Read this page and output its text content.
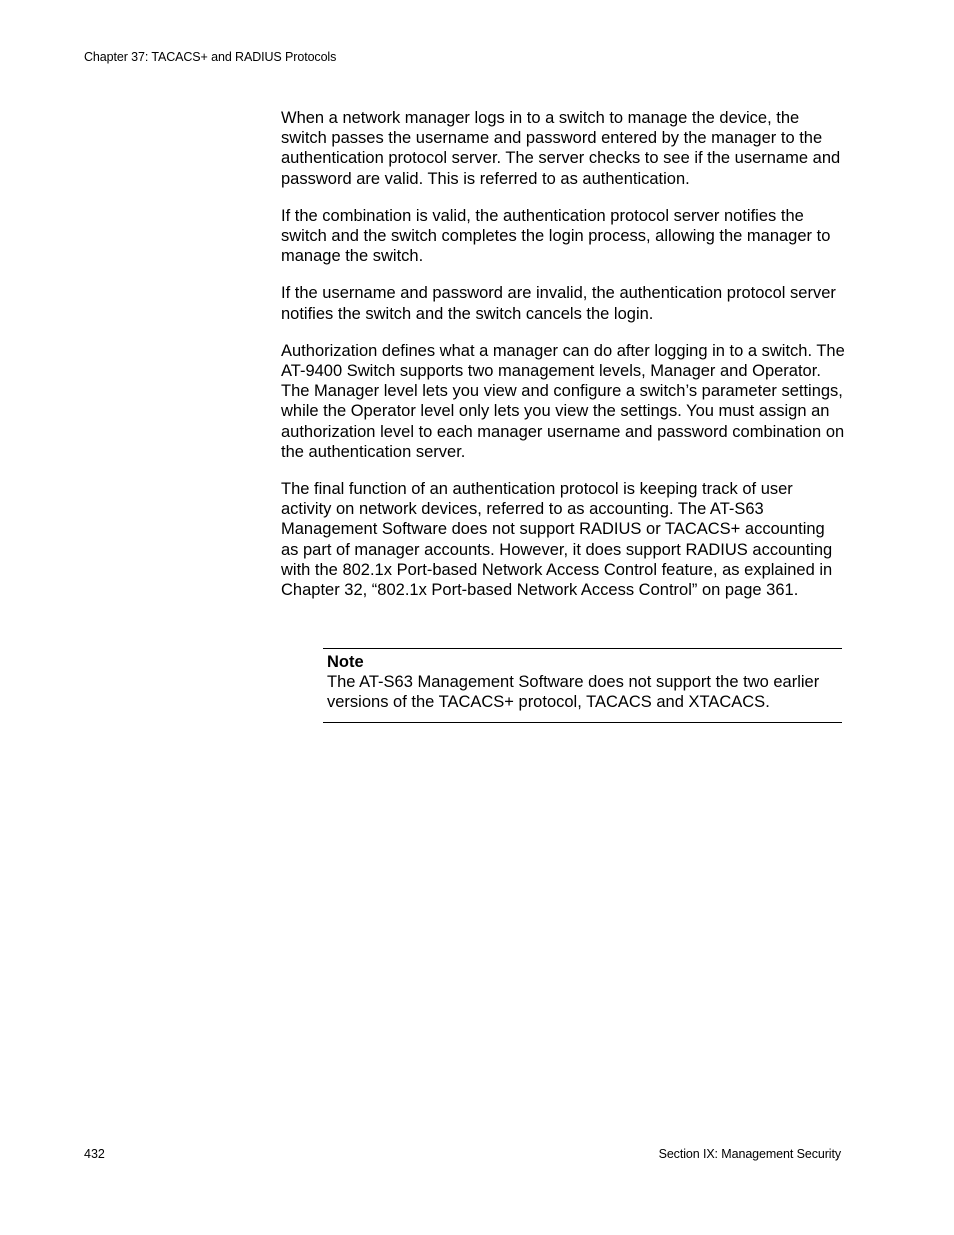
Chapter 37: TACACS+ and RADIUS Protocols

When a network manager logs in to a switch to manage the device, the switch passes the username and password entered by the manager to the authentication protocol server. The server checks to see if the username and password are valid. This is referred to as authentication.

If the combination is valid, the authentication protocol server notifies the switch and the switch completes the login process, allowing the manager to manage the switch.

If the username and password are invalid, the authentication protocol server notifies the switch and the switch cancels the login.

Authorization defines what a manager can do after logging in to a switch. The AT-9400 Switch supports two management levels, Manager and Operator. The Manager level lets you view and configure a switch’s parameter settings, while the Operator level only lets you view the settings. You must assign an authorization level to each manager username and password combination on the authentication server.

The final function of an authentication protocol is keeping track of user activity on network devices, referred to as accounting. The AT-S63 Management Software does not support RADIUS or TACACS+ accounting as part of manager accounts. However, it does support RADIUS accounting with the 802.1x Port-based Network Access Control feature, as explained in Chapter 32, “802.1x Port-based Network Access Control” on page 361.

Note
The AT-S63 Management Software does not support the two earlier versions of the TACACS+ protocol, TACACS and XTACACS.
432	Section IX: Management Security
